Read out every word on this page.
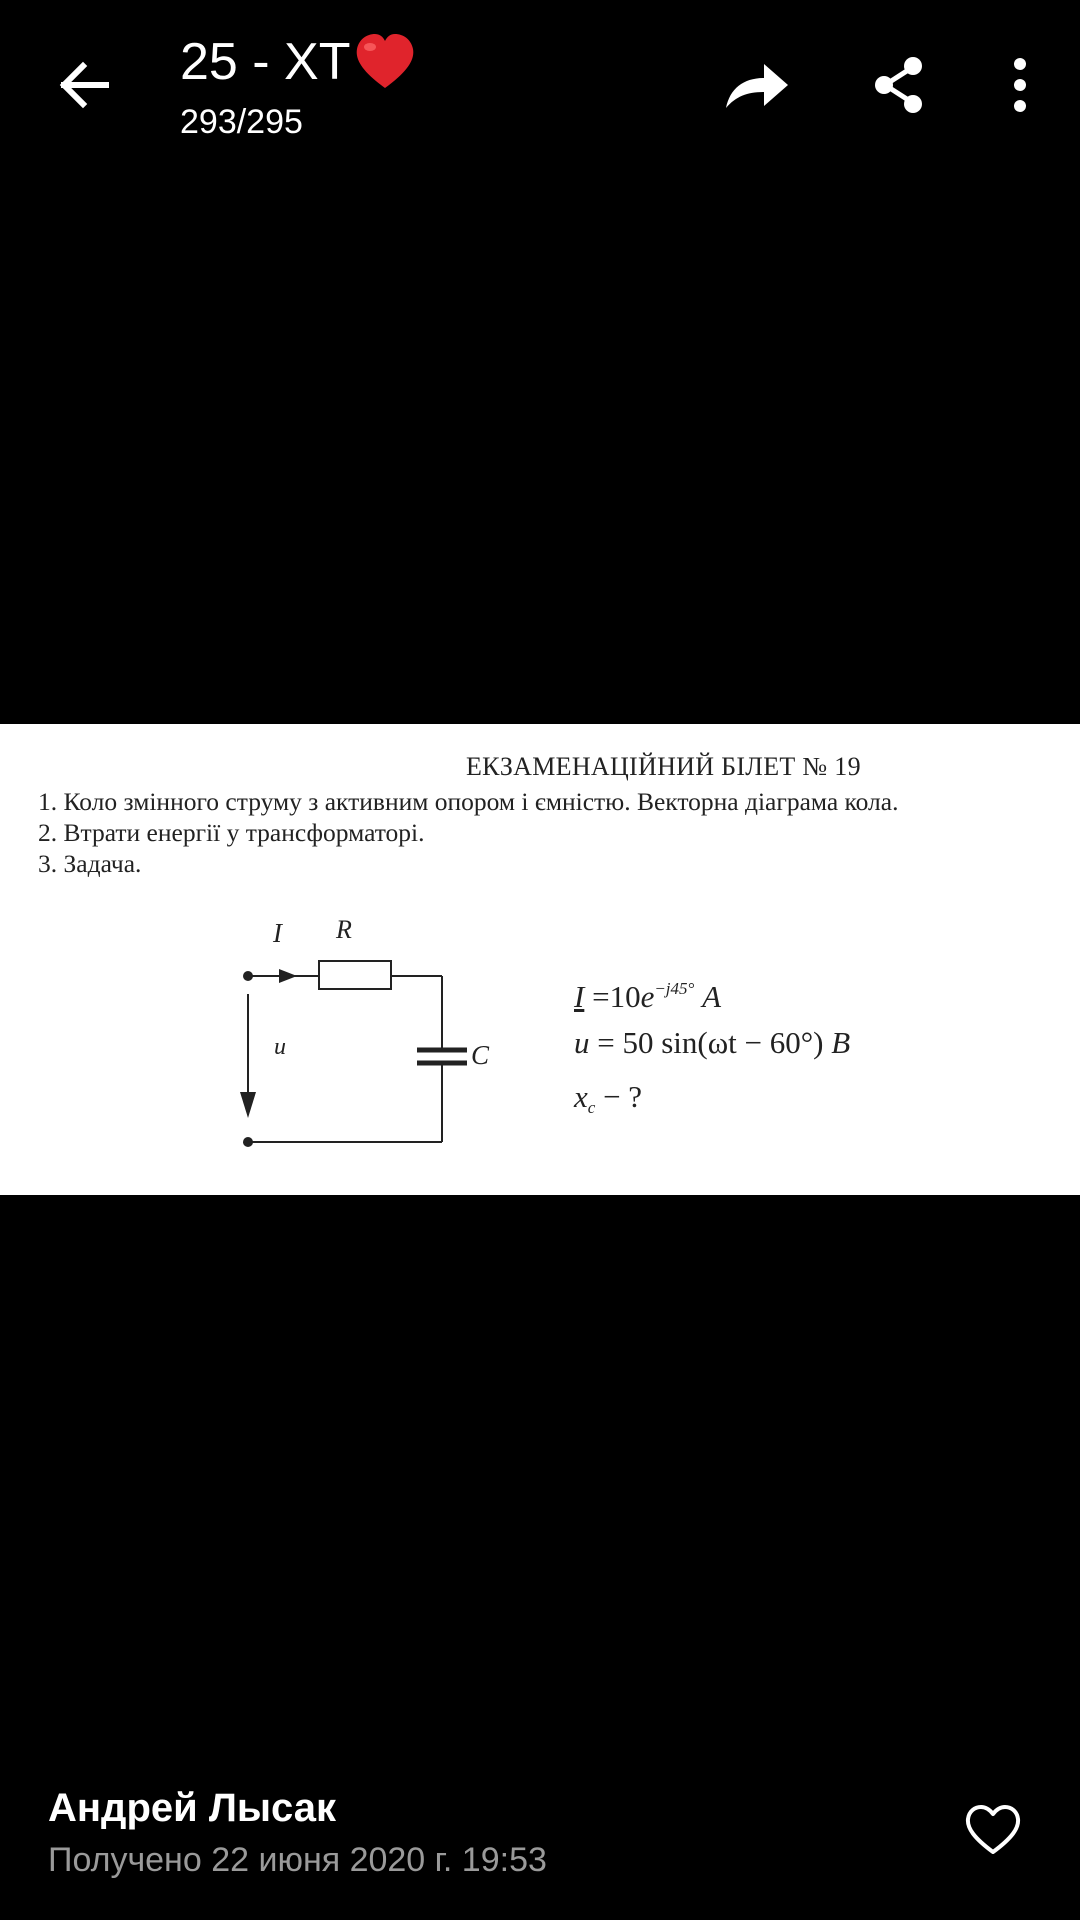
25 - ХТ
293/295
ЕКЗАМЕНАЦІЙНИЙ БІЛЕТ № 19
1. Коло змінного струму з активним опором і ємністю. Векторна діаграма кола.
2. Втрати енергії у трансформаторі.
3. Задача.
I R
u	C
$I =10e^{-j45^\circ}$ A
u = 50 sin(ωt − 60°) B
$x_c$ − ?
Андрей Лысак
Получено 22 июня 2020 г. 19:53
